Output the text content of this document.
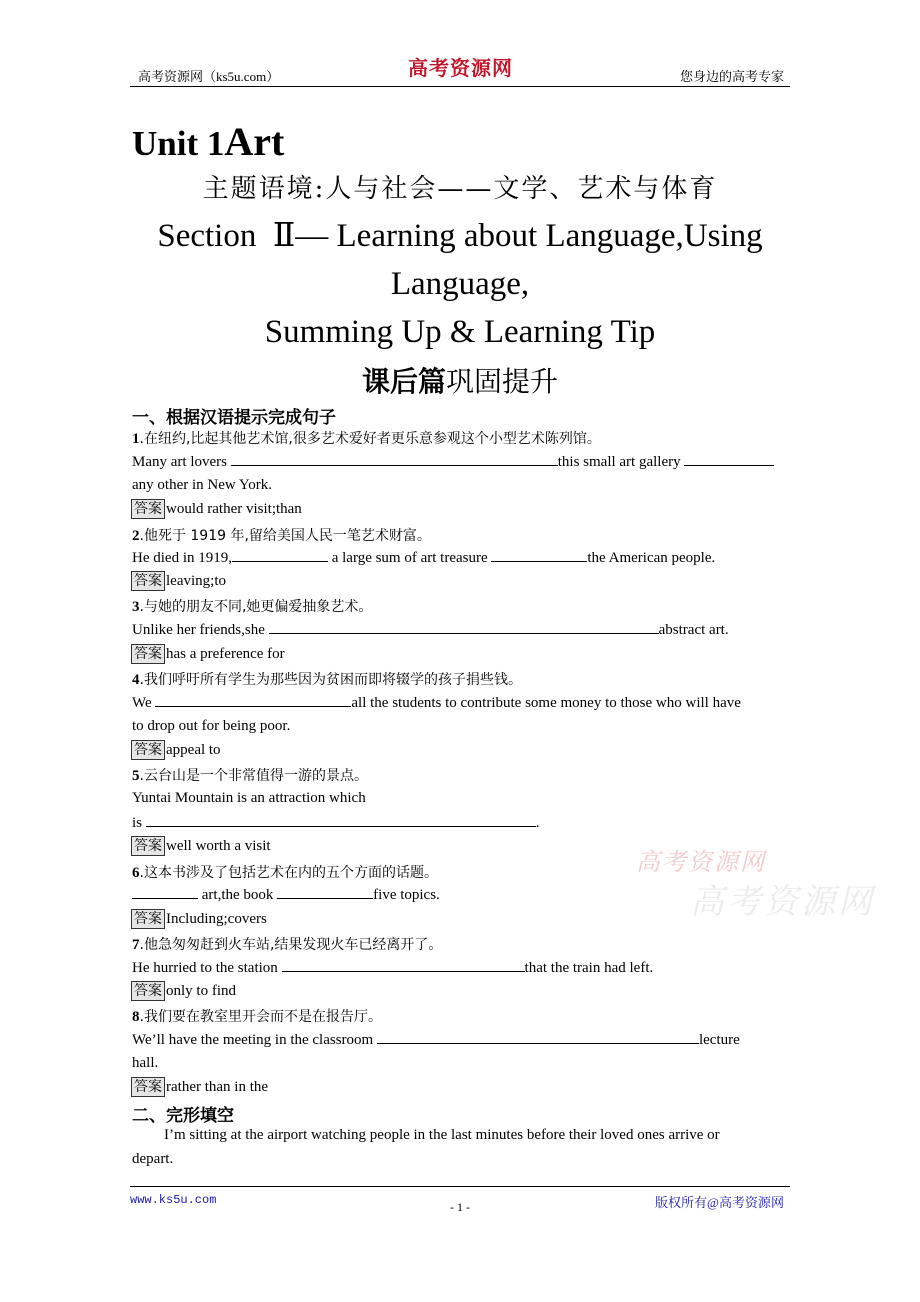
高考资源网（ks5u.com）	高考资源网	您身边的高考专家
Unit 1Art
主题语境:人与社会——文学、艺术与体育
Section  Ⅱ— Learning about Language,Using
Language,
Summing Up & Learning Tip
课后篇巩固提升
一、根据汉语提示完成句子
1.在纽约,比起其他艺术馆,很多艺术爱好者更乐意参观这个小型艺术陈列馆。
Many art lovers	this small art gallery
any other in New York.
答案 would rather visit;than
2.他死于 1919 年,留给美国人民一笔艺术财富。
He died in 1919,	a large sum of art treasure	the American people.
答案 leaving;to
3.与她的朋友不同,她更偏爱抽象艺术。
Unlike her friends,she	abstract art.
答案 has a preference for
4.我们呼吁所有学生为那些因为贫困而即将辍学的孩子捐些钱。
We	all the students to contribute some money to those who will have
to drop out for being poor.
答案 appeal to
5.云台山是一个非常值得一游的景点。
Yuntai Mountain is an attraction which
is	.
答案 well worth a visit
6.这本书涉及了包括艺术在内的五个方面的话题。
art,the book	five topics.
答案 Including;covers
7.他急匆匆赶到火车站,结果发现火车已经离开了。
He hurried to the station	that the train had left.
答案 only to find
8.我们要在教室里开会而不是在报告厅。
We’ll have the meeting in the classroom	lecture
hall.
答案 rather than in the
二、完形填空
I’m sitting at the airport watching people in the last minutes before their loved ones arrive or
depart.
高考资源网
高考资源网
www.ks5u.com	版权所有@高考资源网
- 1 -
